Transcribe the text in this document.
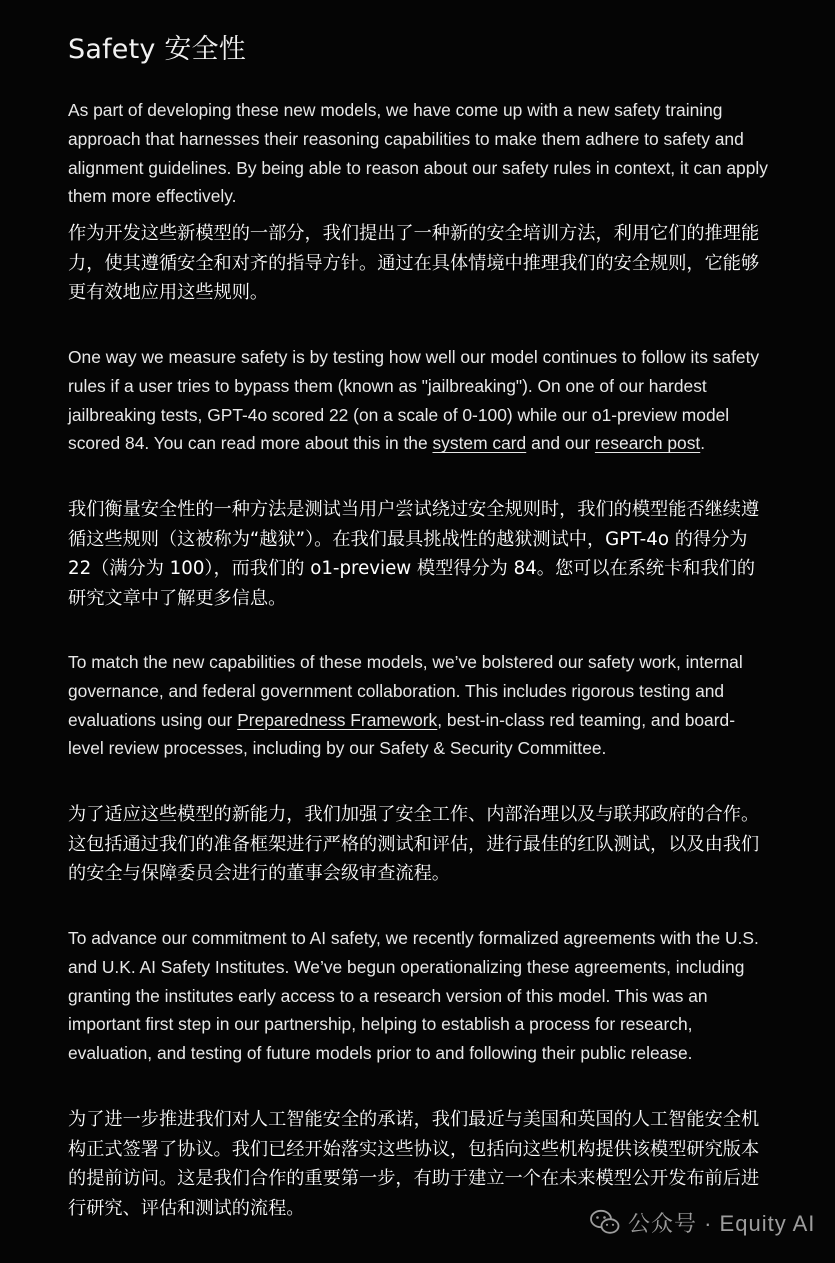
Safety 安全性

As part of developing these new models, we have come up with a new safety training approach that harnesses their reasoning capabilities to make them adhere to safety and alignment guidelines. By being able to reason about our safety rules in context, it can apply them more effectively.

作为开发这些新模型的一部分，我们提出了一种新的安全培训方法，利用它们的推理能力，使其遵循安全和对齐的指导方针。通过在具体情境中推理我们的安全规则，它能够更有效地应用这些规则。

One way we measure safety is by testing how well our model continues to follow its safety rules if a user tries to bypass them (known as "jailbreaking"). On one of our hardest jailbreaking tests, GPT-4o scored 22 (on a scale of 0-100) while our o1-preview model scored 84. You can read more about this in the system card and our research post.

我们衡量安全性的一种方法是测试当用户尝试绕过安全规则时，我们的模型能否继续遵循这些规则（这被称为“越狱”）。在我们最具挑战性的越狱测试中，GPT-4o 的得分为 22（满分为 100），而我们的 o1-preview 模型得分为 84。您可以在系统卡和我们的研究文章中了解更多信息。

To match the new capabilities of these models, we’ve bolstered our safety work, internal governance, and federal government collaboration. This includes rigorous testing and evaluations using our Preparedness Framework, best-in-class red teaming, and board-level review processes, including by our Safety & Security Committee.

为了适应这些模型的新能力，我们加强了安全工作、内部治理以及与联邦政府的合作。这包括通过我们的准备框架进行严格的测试和评估，进行最佳的红队测试，以及由我们的安全与保障委员会进行的董事会级审查流程。

To advance our commitment to AI safety, we recently formalized agreements with the U.S. and U.K. AI Safety Institutes. We’ve begun operationalizing these agreements, including granting the institutes early access to a research version of this model. This was an important first step in our partnership, helping to establish a process for research, evaluation, and testing of future models prior to and following their public release.

为了进一步推进我们对人工智能安全的承诺，我们最近与美国和英国的人工智能安全机构正式签署了协议。我们已经开始落实这些协议，包括向这些机构提供该模型研究版本的提前访问。这是我们合作的重要第一步，有助于建立一个在未来模型公开发布前后进行研究、评估和测试的流程。

公众号 · Equity AI
